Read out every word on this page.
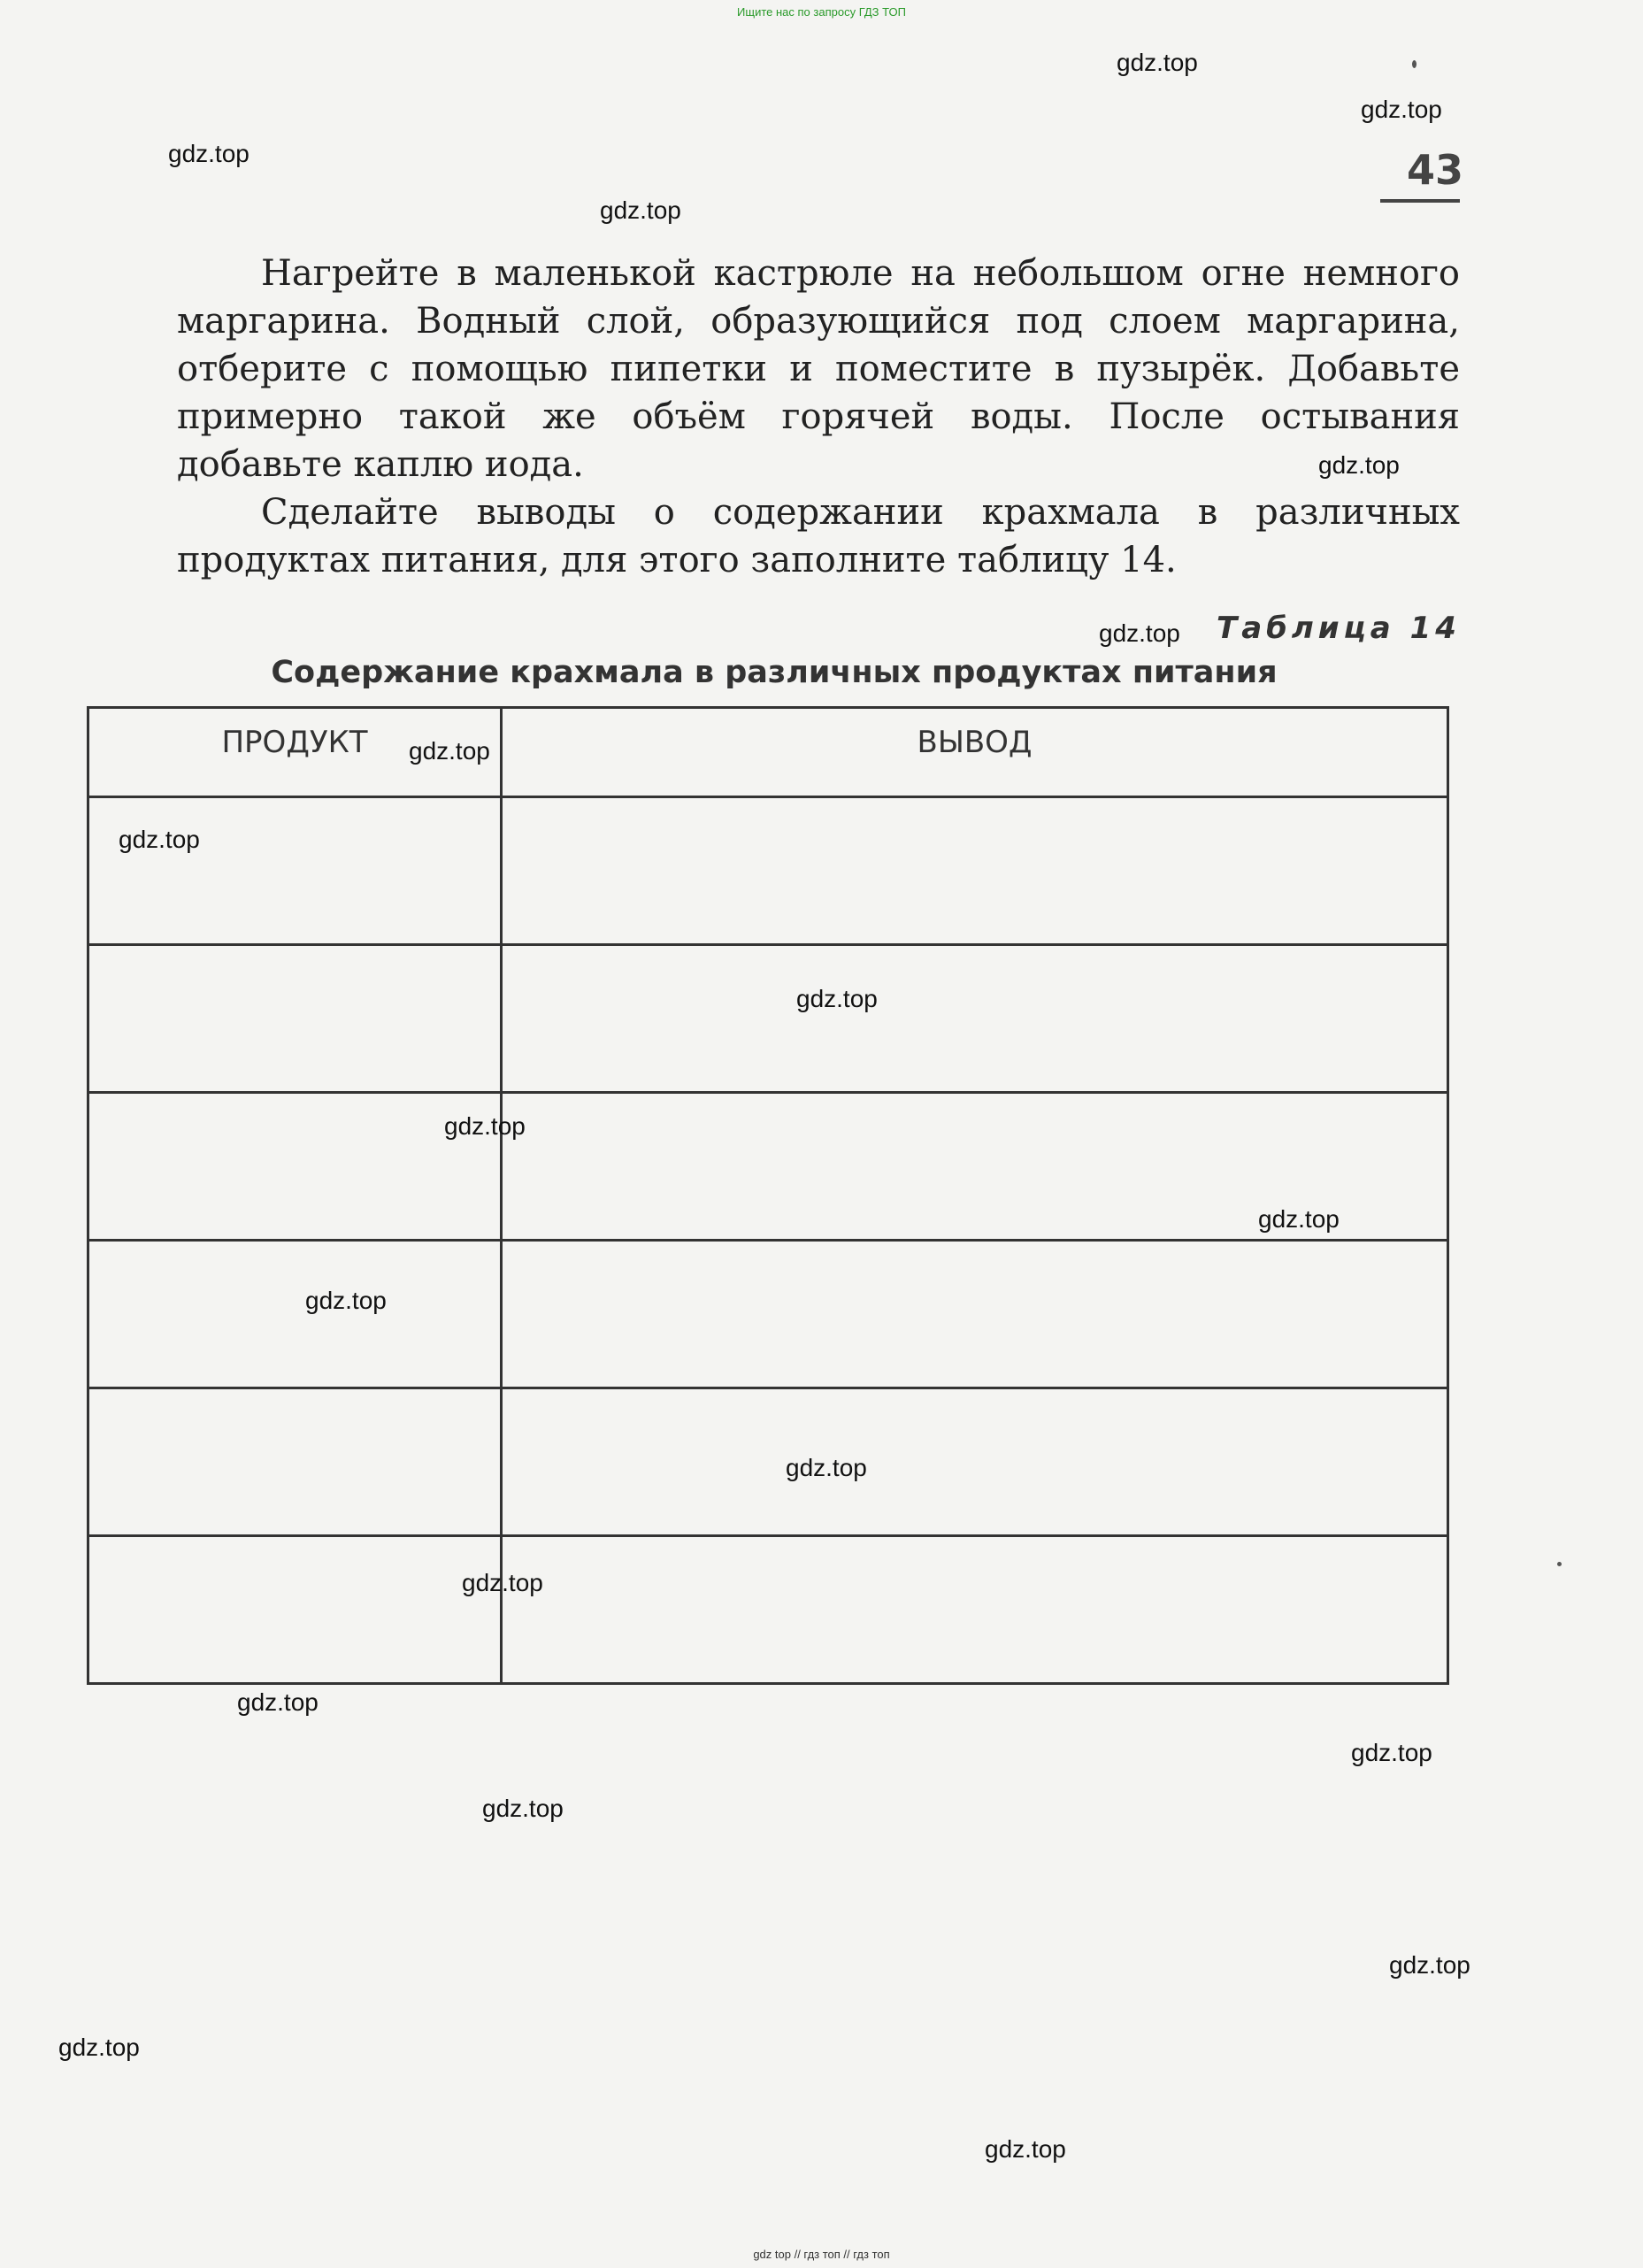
Ищите нас по запросу ГДЗ ТОП
43

Нагрейте в маленькой кастрюле на небольшом огне немного маргарина. Водный слой, образующийся под слоем маргарина, отберите с помощью пипетки и поместите в пузырёк. Добавьте примерно такой же объём горячей воды. После остывания добавьте каплю иода.

Сделайте выводы о содержании крахмала в различных продуктах питания, для этого заполните таблицу 14.

Таблица 14
Содержание крахмала в различных продуктах питания
ПРОДУКТ	ВЫВОД

gdz.top
gdz.top
gdz.top
gdz.top
gdz.top
gdz.top
gdz.top
gdz.top
gdz.top
gdz.top
gdz.top
gdz.top
gdz.top
gdz.top
gdz.top
gdz.top
gdz.top
gdz.top
gdz.top
gdz.top
gdz top // гдз топ // гдз топ
